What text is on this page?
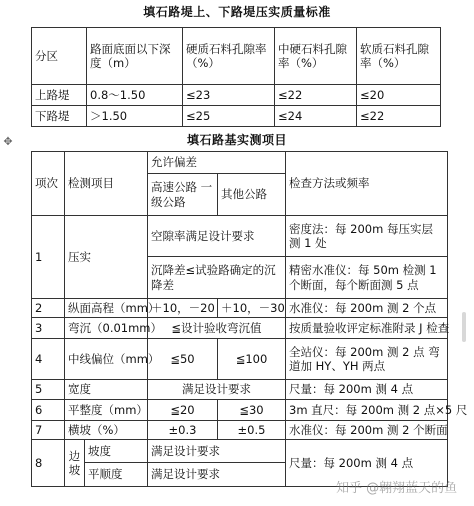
填石路堤上、下路堤压实质量标准
分区	路面底面以下深度（m）	硬质石料孔隙率（%）	中硬石料孔隙率（%）	软质石料孔隙率（%）
上路堤	0.8～1.50	≤23	≤22	≤20
下路堤	＞1.50	≤25	≤24	≤22
✥	填石路基实测项目
项次	检测项目		允许偏差		检查方法或频率
			高速公路 一级公路	其他公路	
1	压实		空隙率满足设计要求		密度法：每 200m 每压实层测 1 处
			沉降差≤试验路确定的沉降差		精密水准仪：每 50m 检测 1 个断面，每个断面测 5 点
2	纵面高程（mm）		＋10，－20	＋10，－30	水准仪：每 200m 测 2 个点
3	弯沉（0.01mm）		≦设计验收弯沉值		按质量验收评定标准附录 J 检查
4	中线偏位（mm）		≦50	≦100	全站仪：每 200m 测 2 点 弯道加 HY、YH 两点
5	宽度		满足设计要求		尺量：每 200m 测 4 点
6	平整度（mm）		≦20	≦30	3m 直尺：每 200m 测 2 点×5 尺
7	横坡（%）		±0.3	±0.5	水准仪：每 200m 测 2 个断面
8	边坡	坡度	满足设计要求		尺量：每 200m 测 4 点
		平顺度	满足设计要求		
知乎 @翱翔蓝天的鱼
